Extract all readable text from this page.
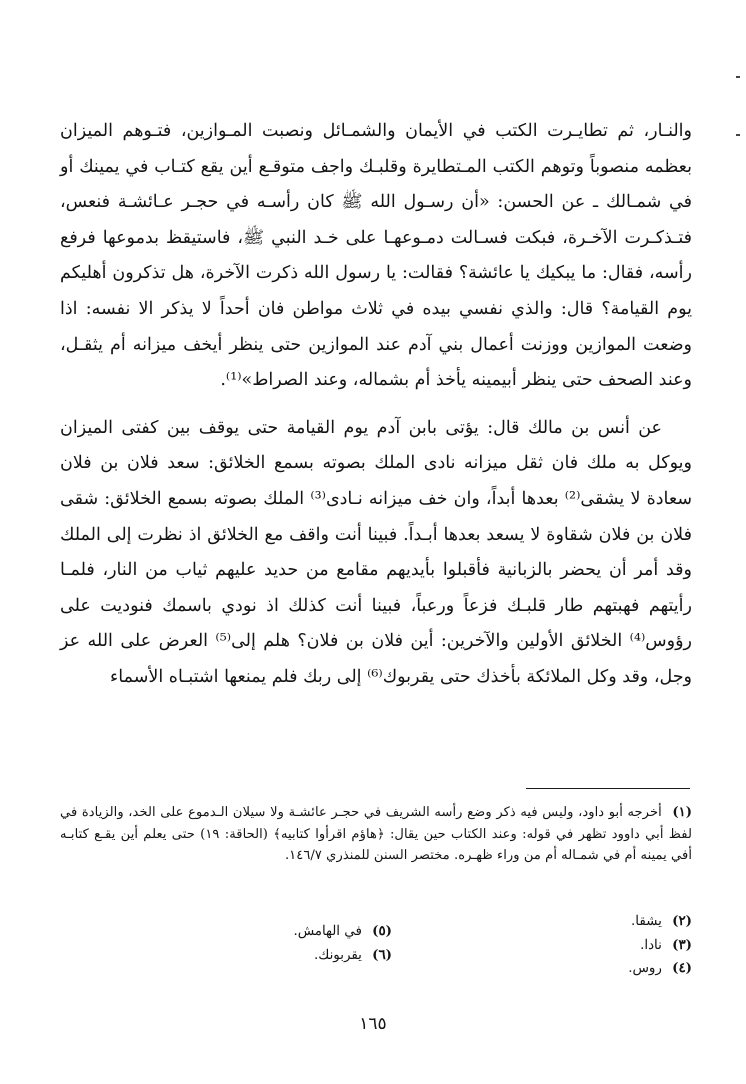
والنـار، ثم تطايـرت الكتب في الأيمان والشمـائل ونصبت المـوازين، فتـوهم الميزان بعظمه منصوباً وتوهم الكتب المـتطايرة وقلبـك واجف متوقـع أين يقع كتـاب في يمينك أو في شمـالك ـ عن الحسن: «أن رسـول الله ﷺ كان رأسـه في حجـر عـائشـة فنعس، فتـذكـرت الآخـرة، فبكت فسـالت دمـوعهـا على خـد النبي ﷺ، فاستيقظ بدموعها فرفع رأسه، فقال: ما يبكيك يا عائشة؟ فقالت: يا رسول الله ذكرت الآخرة، هل تذكرون أهليكم يوم القيامة؟ قال: والذي نفسي بيده في ثلاث مواطن فان أحداً لا يذكر الا نفسه: اذا وضعت الموازين ووزنت أعمال بني آدم عند الموازين حتى ينظر أيخف ميزانه أم يثقـل، وعند الصحف حتى ينظر أبيمينه يأخذ أم بشماله، وعند الصراط»⁽¹⁾.

عن أنس بن مالك قال: يؤتى بابن آدم يوم القيامة حتى يوقف بين كفتى الميزان ويوكل به ملك فان ثقل ميزانه نادى الملك بصوته بسمع الخلائق: سعد فلان بن فلان سعادة لا يشقى⁽²⁾ بعدها أبداً، وان خف ميزانه نـادى⁽³⁾ الملك بصوته بسمع الخلائق: شقى فلان بن فلان شقاوة لا يسعد بعدها أبـداً. فبينا أنت واقف مع الخلائق اذ نظرت إلى الملك وقد أمر أن يحضر بالزبانية فأقبلوا بأيديهم مقامع من حديد عليهم ثياب من النار، فلمـا رأيتهم فهبتهم طار قلبـك فزعاً ورعباً، فبينا أنت كذلك اذ نودي باسمك فنوديت على رؤوس⁽⁴⁾ الخلائق الأولين والآخرين: أين فلان بن فلان؟ هلم إلى⁽⁵⁾ العرض على الله عز وجل، وقد وكل الملائكة بأخذك حتى يقربوك⁽⁶⁾ إلى ربك فلم يمنعها اشتبـاه الأسماء

(١) أخرجه أبو داود، وليس فيه ذكر وضع رأسه الشريف في حجـر عائشـة ولا سيلان الـدموع على الخد، والزيادة في لفظ أبي داوود تظهر في قوله: وعند الكتاب حين يقال: ﴿هاؤم اقرأوا كتابيه﴾ (الحاقة: ١٩) حتى يعلم أين يقـع كتابـه أفي يمينه أم في شمـاله أم من وراء ظهـره. مختصر السنن للمنذري ١٤٦/٧.

(٢) يشقا.

(٣) نادا.

(٤) روس.

(٥) في الهامش.

(٦) يقربونك.

١٦٥
